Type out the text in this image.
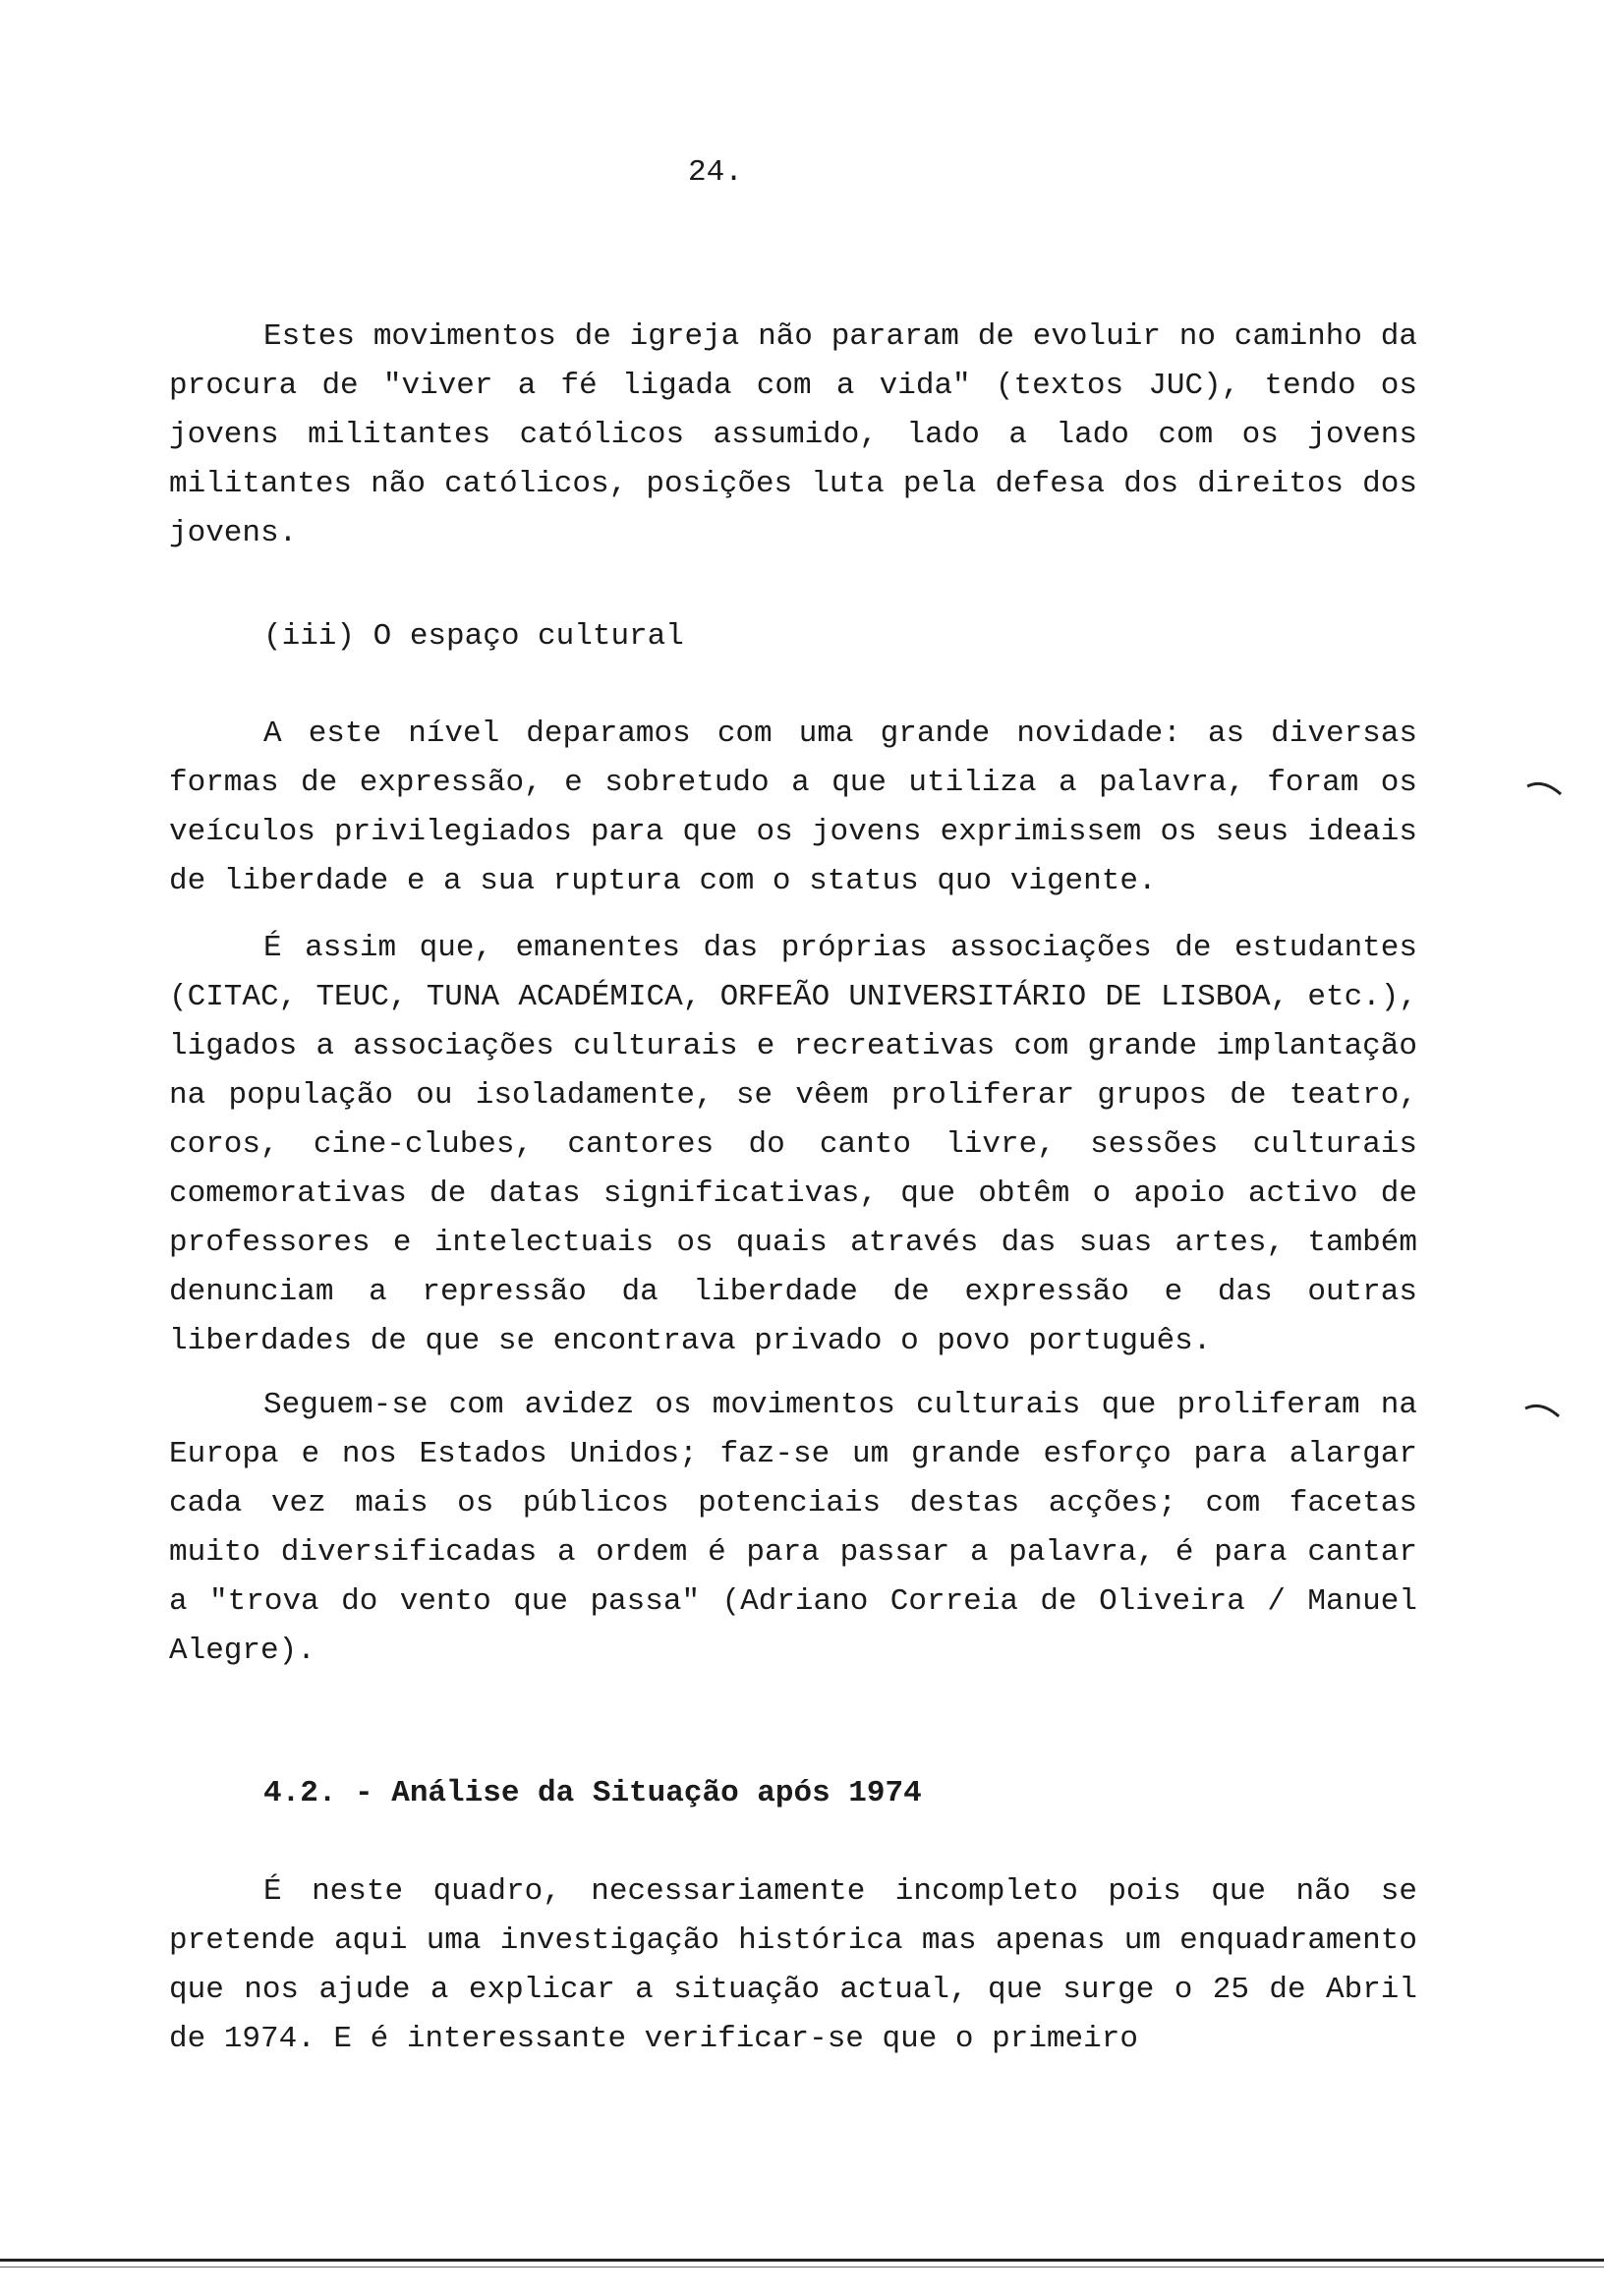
24.
Estes movimentos de igreja não pararam de evoluir no caminho da procura de "viver a fé ligada com a vida" (textos JUC), tendo os jovens militantes católicos assumido, lado a lado com os jovens militantes não católicos, posições luta pela defesa dos direitos dos jovens.
(iii) O espaço cultural
A este nível deparamos com uma grande novidade: as diversas formas de expressão, e sobretudo a que utiliza a palavra, foram os veículos privilegiados para que os jovens exprimissem os seus ideais de liberdade e a sua ruptura com o status quo vigente.
É assim que, emanentes das próprias associações de estudantes (CITAC, TEUC, TUNA ACADÉMICA, ORFEÃO UNIVERSITÁRIO DE LISBOA, etc.), ligados a associações culturais e recreativas com grande implantação na população ou isoladamente, se vêem proliferar grupos de teatro, coros, cine-clubes, cantores do canto livre, sessões culturais comemorativas de datas significativas, que obtêm o apoio activo de professores e intelectuais os quais através das suas artes, também denunciam a repressão da liberdade de expressão e das outras liberdades de que se encontrava privado o povo português.
Seguem-se com avidez os movimentos culturais que proliferam na Europa e nos Estados Unidos; faz-se um grande esforço para alargar cada vez mais os públicos potenciais destas acções; com facetas muito diversificadas a ordem é para passar a palavra, é para cantar a "trova do vento que passa" (Adriano Correia de Oliveira / Manuel Alegre).
4.2. - Análise da Situação após 1974
É neste quadro, necessariamente incompleto pois que não se pretende aqui uma investigação histórica mas apenas um enquadramento que nos ajude a explicar a situação actual, que surge o 25 de Abril de 1974. E é interessante verificar-se que o primeiro
